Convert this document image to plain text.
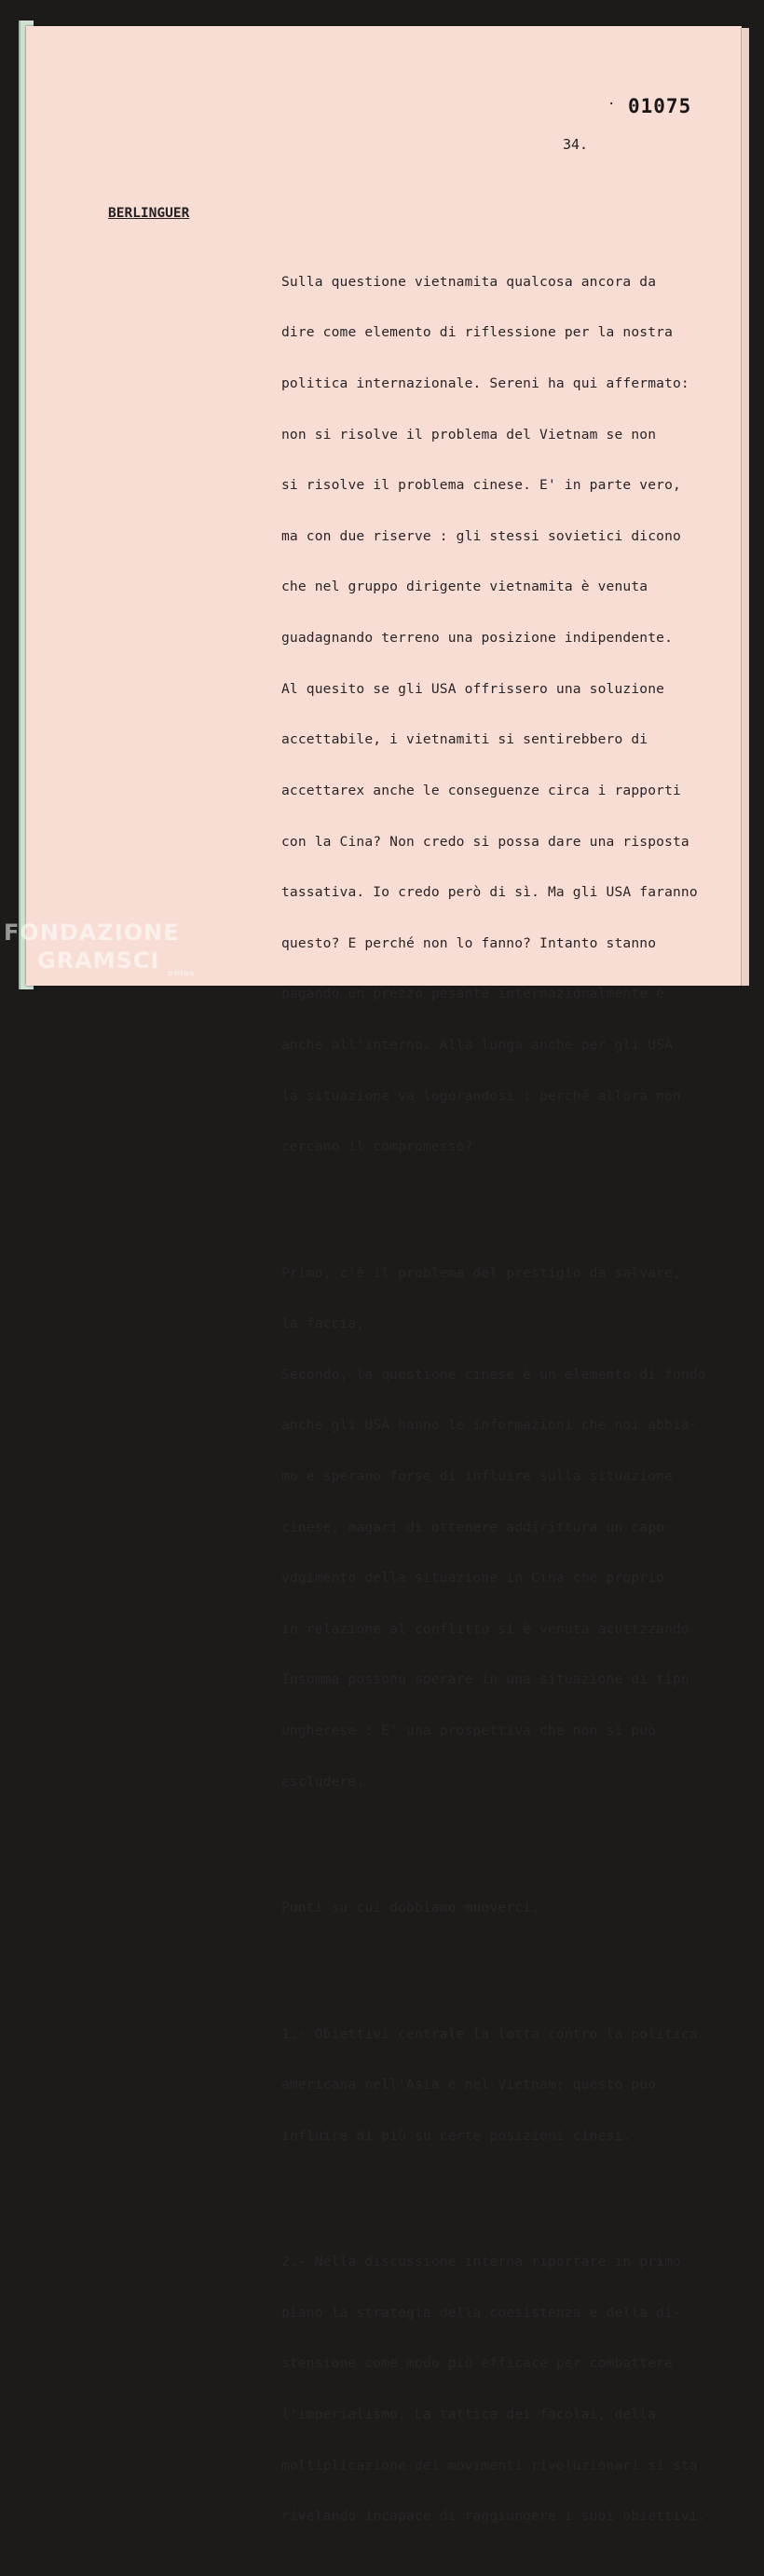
· 01075
34.
BERLINGUER

Sulla questione vietnamita qualcosa ancora da

dire come elemento di riflessione per la nostra

politica internazionale. Sereni ha qui affermato:

non si risolve il problema del Vietnam se non

si risolve il problema cinese. E' in parte vero,

ma con due riserve : gli stessi sovietici dicono

che nel gruppo dirigente vietnamita è venuta

guadagnando terreno una posizione indipendente.

Al quesito se gli USA offrissero una soluzione

accettabile, i vietnamiti si sentirebbero di

accettarex anche le conseguenze circa i rapporti

con la Cina? Non credo si possa dare una risposta

tassativa. Io credo però di sì. Ma gli USA faranno

questo? E perché non lo fanno? Intanto stanno

pagando un prezzo pesante internazionalmente e

anche all'interno. Alla lunga anche per gli USA

la situazione va logorandosi : perché allora non

cercano il compromesso?

Primo, c'è il problema del prestigio da salvare,

la faccia,

Secondo, la questione cinese è un elemento di fondo

anche gli USA hanno le informazioni che noi abbia-

mo e sperano forse di influire sulla situazione

cinese, magari di ottenere addirittura un capo-

vdgimento della situazione in Cina che proprio

in relazione al conflitto si è venuta acuttzzando.

Insomma possono sperare in una situazione di tipo

ungherese : E' una prospettiva che non si può

escludere.

Punti su cui dobbiamo muoverci.

1.- Obiettivi centrale la lotta contro la politica

americana nell'Asia e nel Vietnam; questo può

influire di più su certe posizioni cinesi.

2.- Nella discussione interna riportare in primo

piano la strategia della coesistenza e della di-

stensione come modo più efficace per combattere

l'imperialismo. La tattica dei focolai, della

moltiplicazione dei movimenti rivoluzionari si sta

rivelando incapace di raggiungere i suoi obiettivi.

FONDAZIONE
GRAMSCI	onlus
